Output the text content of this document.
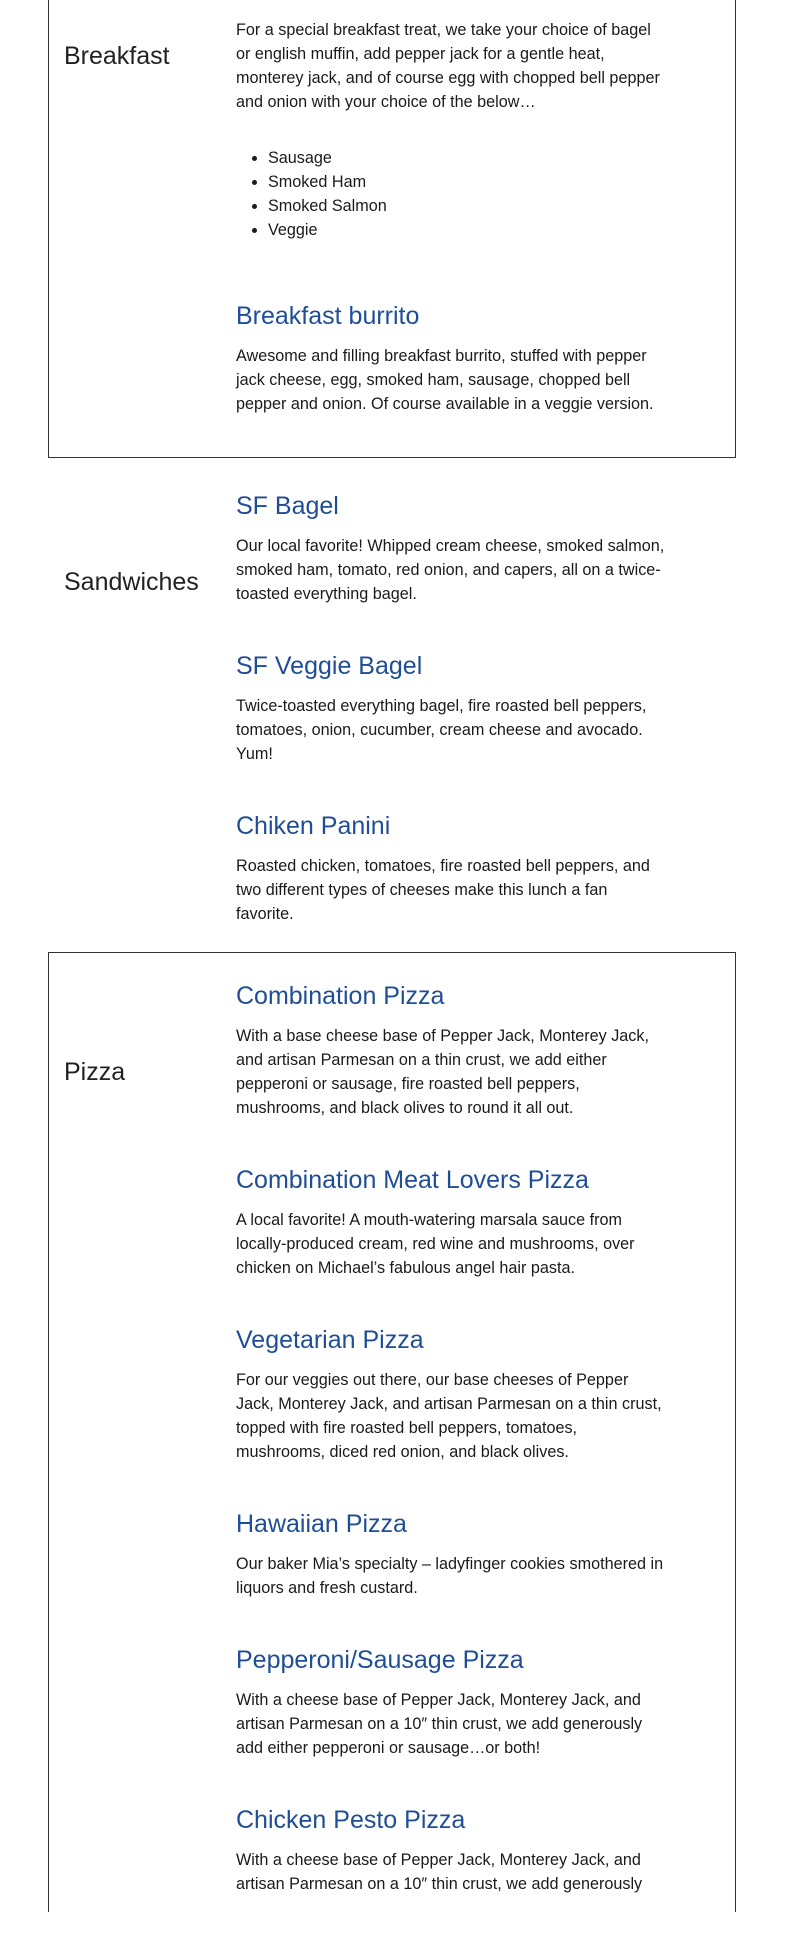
Breakfast

For a special breakfast treat, we take your choice of bagel or english muffin, add pepper jack for a gentle heat, monterey jack, and of course egg with chopped bell pepper and onion with your choice of the below…

• Sausage
• Smoked Ham
• Smoked Salmon
• Veggie
Breakfast burrito

Awesome and filling breakfast burrito, stuffed with pepper jack cheese, egg, smoked ham, sausage, chopped bell pepper and onion. Of course available in a veggie version.

Sandwiches
SF Bagel

Our local favorite! Whipped cream cheese, smoked salmon, smoked ham, tomato, red onion, and capers, all on a twice-toasted everything bagel.

SF Veggie Bagel

Twice-toasted everything bagel, fire roasted bell peppers, tomatoes, onion, cucumber, cream cheese and avocado. Yum!

Chiken Panini

Roasted chicken, tomatoes, fire roasted bell peppers, and two different types of cheeses make this lunch a fan favorite.

Pizza
Combination Pizza

With a base cheese base of Pepper Jack, Monterey Jack, and artisan Parmesan on a thin crust, we add either pepperoni or sausage, fire roasted bell peppers, mushrooms, and black olives to round it all out.

Combination Meat Lovers Pizza

A local favorite! A mouth-watering marsala sauce from locally-produced cream, red wine and mushrooms, over chicken on Michael’s fabulous angel hair pasta.

Vegetarian Pizza

For our veggies out there, our base cheeses of Pepper Jack, Monterey Jack, and artisan Parmesan on a thin crust, topped with fire roasted bell peppers, tomatoes, mushrooms, diced red onion, and black olives.

Hawaiian Pizza

Our baker Mia’s specialty – ladyfinger cookies smothered in liquors and fresh custard.

Pepperoni/Sausage Pizza

With a cheese base of Pepper Jack, Monterey Jack, and artisan Parmesan on a 10″ thin crust, we add generously add either pepperoni or sausage…or both!

Chicken Pesto Pizza

With a cheese base of Pepper Jack, Monterey Jack, and artisan Parmesan on a 10″ thin crust, we add generously
